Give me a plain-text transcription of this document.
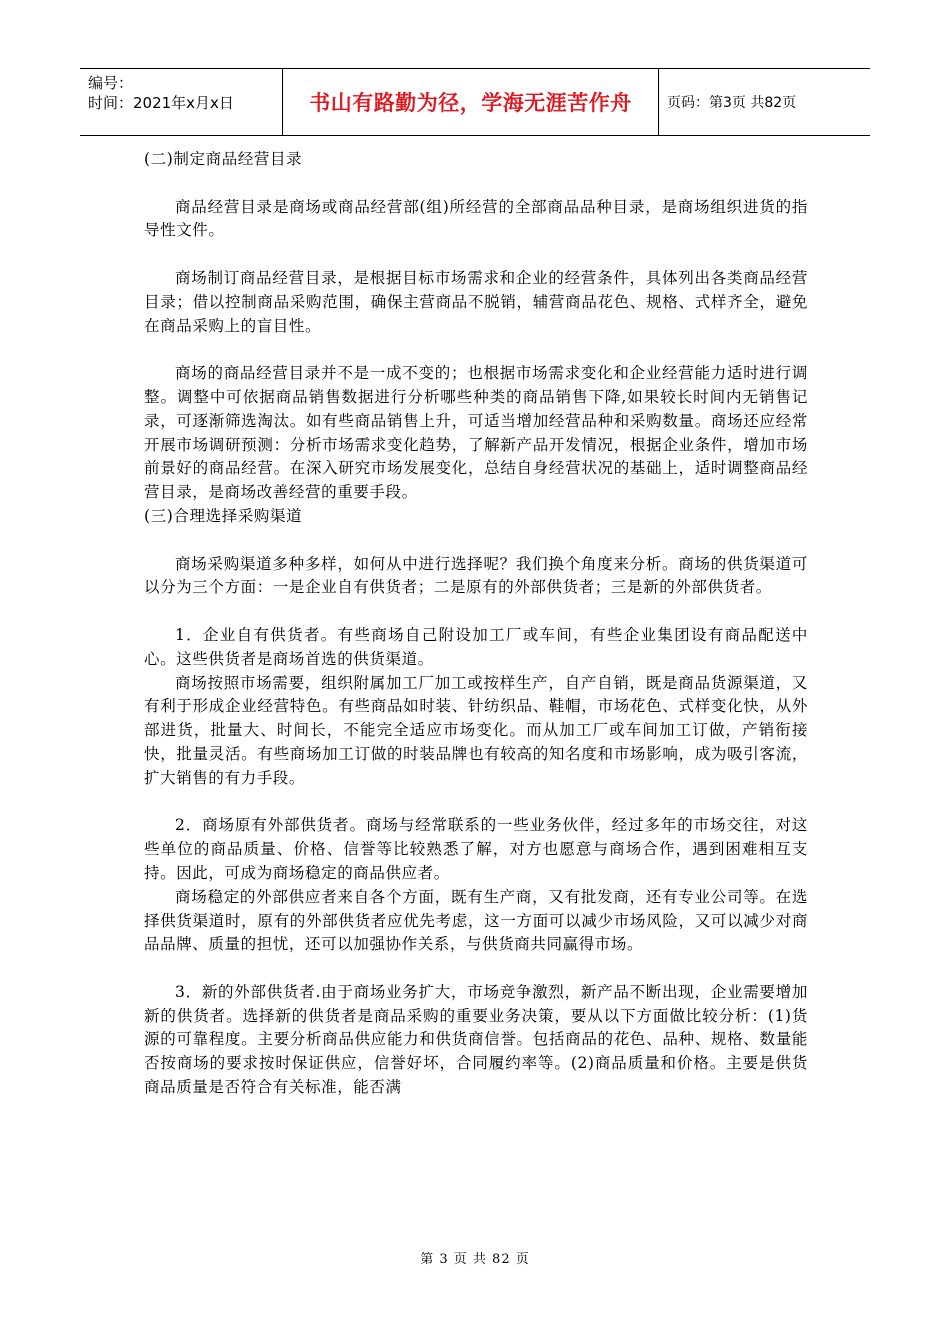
编号：
时间：2021年x月x日	书山有路勤为径，学海无涯苦作舟	页码：第3页 共82页

(二)制定商品经营目录

商品经营目录是商场或商品经营部(组)所经营的全部商品品种目录，是商场组织进货的指导性文件。

商场制订商品经营目录，是根据目标市场需求和企业的经营条件，具体列出各类商品经营目录；借以控制商品采购范围，确保主营商品不脱销，辅营商品花色、规格、式样齐全，避免在商品采购上的盲目性。

商场的商品经营目录并不是一成不变的；也根据市场需求变化和企业经营能力适时进行调整。调整中可依据商品销售数据进行分析哪些种类的商品销售下降,如果较长时间内无销售记录，可逐渐筛选淘汰。如有些商品销售上升，可适当增加经营品种和采购数量。商场还应经常开展市场调研预测：分析市场需求变化趋势，了解新产品开发情况，根据企业条件，增加市场前景好的商品经营。在深入研究市场发展变化，总结自身经营状况的基础上，适时调整商品经营目录，是商场改善经营的重要手段。

(三)合理选择采购渠道

商场采购渠道多种多样，如何从中进行选择呢？我们换个角度来分析。商场的供货渠道可以分为三个方面：一是企业自有供货者；二是原有的外部供货者；三是新的外部供货者。

1．企业自有供货者。有些商场自己附设加工厂或车间，有些企业集团设有商品配送中心。这些供货者是商场首选的供货渠道。

商场按照市场需要，组织附属加工厂加工或按样生产，自产自销，既是商品货源渠道，又有利于形成企业经营特色。有些商品如时装、针纺织品、鞋帽，市场花色、式样变化快，从外部进货，批量大、时间长，不能完全适应市场变化。而从加工厂或车间加工订做，产销衔接快，批量灵活。有些商场加工订做的时装品牌也有较高的知名度和市场影响，成为吸引客流，扩大销售的有力手段。

2．商场原有外部供货者。商场与经常联系的一些业务伙伴，经过多年的市场交往，对这些单位的商品质量、价格、信誉等比较熟悉了解，对方也愿意与商场合作，遇到困难相互支持。因此，可成为商场稳定的商品供应者。

商场稳定的外部供应者来自各个方面，既有生产商，又有批发商，还有专业公司等。在选择供货渠道时，原有的外部供货者应优先考虑，这一方面可以减少市场风险，又可以减少对商品品牌、质量的担忧，还可以加强协作关系，与供货商共同赢得市场。

3．新的外部供货者.由于商场业务扩大，市场竞争激烈，新产品不断出现，企业需要增加新的供货者。选择新的供货者是商品采购的重要业务决策，要从以下方面做比较分析：(1)货源的可靠程度。主要分析商品供应能力和供货商信誉。包括商品的花色、品种、规格、数量能否按商场的要求按时保证供应，信誉好坏，合同履约率等。(2)商品质量和价格。主要是供货商品质量是否符合有关标准，能否满

第 3 页 共 82 页
